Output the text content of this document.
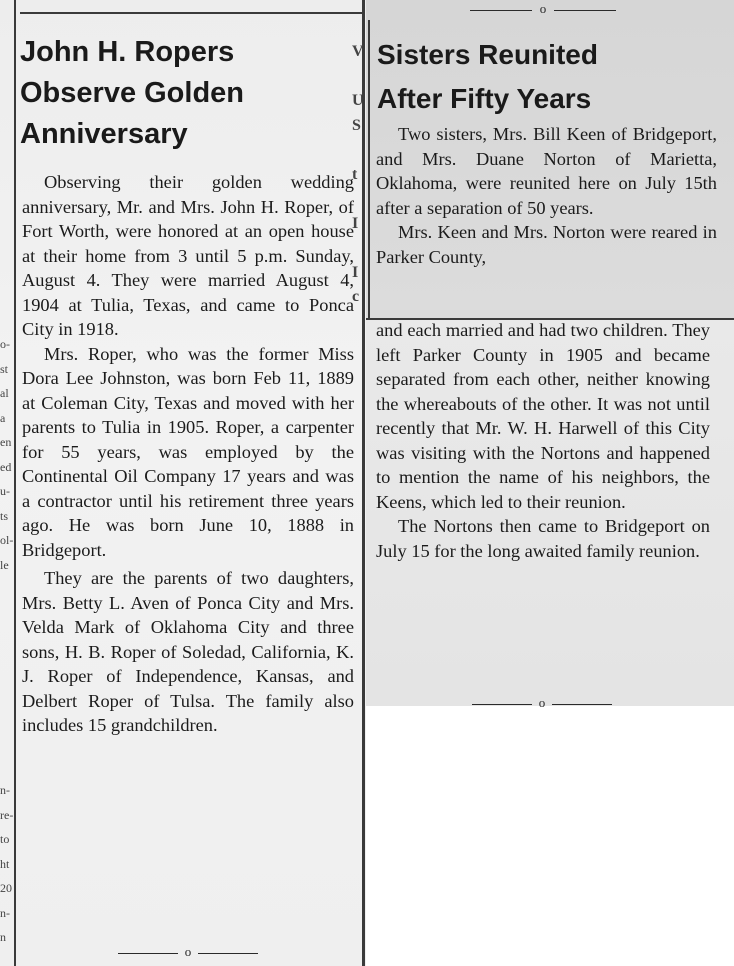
o-
st
al
a
en
ed
u-
ts
ol-
le
n-
re-
to
ht
20
n-
n
V

U
S

t

I

I
c
John H. Ropers
Observe Golden
Anniversary

Observing their golden wedding anniversary, Mr. and Mrs. John H. Roper, of Fort Worth, were honored at an open house at their home from 3 until 5 p.m. Sunday, August 4. They were married August 4, 1904 at Tulia, Texas, and came to Ponca City in 1918.

Mrs. Roper, who was the former Miss Dora Lee Johnston, was born Feb 11, 1889 at Coleman City, Texas and moved with her parents to Tulia in 1905. Roper, a carpenter for 55 years, was employed by the Continental Oil Company 17 years and was a contractor until his retirement three years ago. He was born June 10, 1888 in Bridgeport.

They are the parents of two daughters, Mrs. Betty L. Aven of Ponca City and Mrs. Velda Mark of Oklahoma City and three sons, H. B. Roper of Soledad, California, K. J. Roper of Independence, Kansas, and Delbert Roper of Tulsa. The family also includes 15 grandchildren.

o
o
Sisters Reunited
After Fifty Years

Two sisters, Mrs. Bill Keen of Bridgeport, and Mrs. Duane Norton of Marietta, Oklahoma, were reunited here on July 15th after a separation of 50 years.

Mrs. Keen and Mrs. Norton were reared in Parker County,

and each married and had two children. They left Parker County in 1905 and became separated from each other, neither knowing the whereabouts of the other. It was not until recently that Mr. W. H. Harwell of this City was visiting with the Nortons and happened to mention the name of his neighbors, the Keens, which led to their reunion.

The Nortons then came to Bridgeport on July 15 for the long awaited family reunion.

o
